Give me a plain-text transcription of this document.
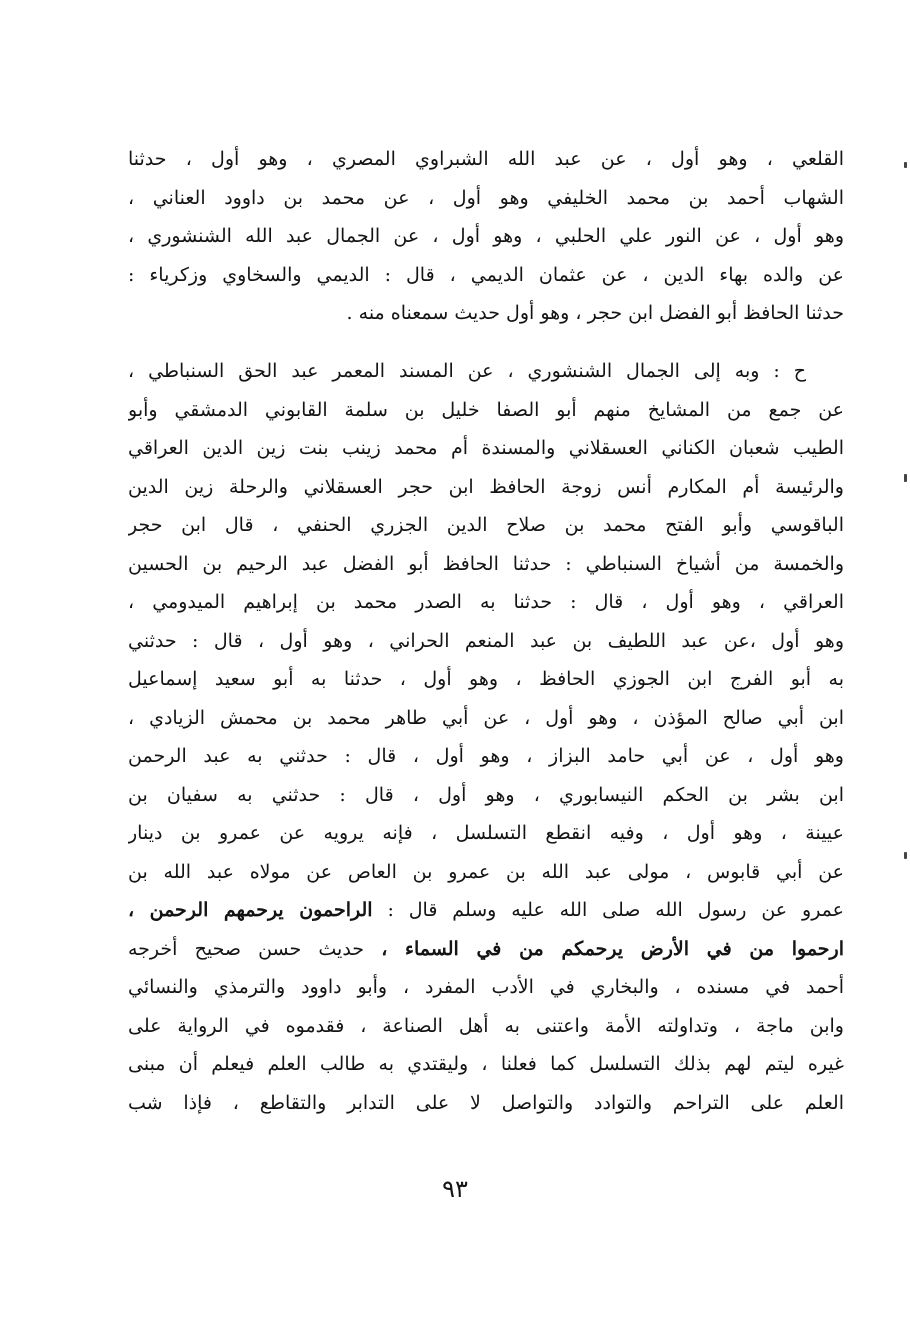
القلعي ، وهو أول ، عن عبد الله الشبراوي المصري ، وهو أول ، حدثنا
الشهاب أحمد بن محمد الخليفي وهو أول ، عن محمد بن داوود العناني ،
وهو أول ، عن النور علي الحلبي ، وهو أول ، عن الجمال عبد الله الشنشوري ،
عن والده بهاء الدين ، عن عثمان الديمي ، قال : الديمي والسخاوي وزكرياء :
حدثنا الحافظ أبو الفضل ابن حجر ، وهو أول حديث سمعناه منه .
ح : وبه إلى الجمال الشنشوري ، عن المسند المعمر عبد الحق السنباطي ،
عن جمع من المشايخ منهم أبو الصفا خليل بن سلمة القابوني الدمشقي وأبو
الطيب شعبان الكناني العسقلاني والمسندة أم محمد زينب بنت زين الدين العراقي
والرئيسة أم المكارم أنس زوجة الحافظ ابن حجر العسقلاني والرحلة زين الدين
الباقوسي وأبو الفتح محمد بن صلاح الدين الجزري الحنفي ، قال ابن حجر
والخمسة من أشياخ السنباطي : حدثنا الحافظ أبو الفضل عبد الرحيم بن الحسين
العراقي ، وهو أول ، قال : حدثنا به الصدر محمد بن إبراهيم الميدومي ،
وهو أول ،عن عبد اللطيف بن عبد المنعم الحراني ، وهو أول ، قال : حدثني
به أبو الفرج ابن الجوزي الحافظ ، وهو أول ، حدثنا به أبو سعيد إسماعيل
ابن أبي صالح المؤذن ، وهو أول ، عن أبي طاهر محمد بن محمش الزيادي ،
وهو أول ، عن أبي حامد البزاز ، وهو أول ، قال : حدثني به عبد الرحمن
ابن بشر بن الحكم النيسابوري ، وهو أول ، قال : حدثني به سفيان بن
عيينة ، وهو أول ، وفيه انقطع التسلسل ، فإنه يرويه عن عمرو بن دينار
عن أبي قابوس ، مولى عبد الله بن عمرو بن العاص عن مولاه عبد الله بن
عمرو عن رسول الله صلى الله عليه وسلم قال : الراحمون يرحمهم الرحمن ،
ارحموا من في الأرض يرحمكم من في السماء ، حديث حسن صحيح أخرجه
أحمد في مسنده ، والبخاري في الأدب المفرد ، وأبو داوود والترمذي والنسائي
وابن ماجة ، وتداولته الأمة واعتنى به أهل الصناعة ، فقدموه في الرواية على
غيره ليتم لهم بذلك التسلسل كما فعلنا ، وليقتدي به طالب العلم فيعلم أن مبنى
العلم على التراحم والتوادد والتواصل لا على التدابر والتقاطع ، فإذا شب
٩٣
